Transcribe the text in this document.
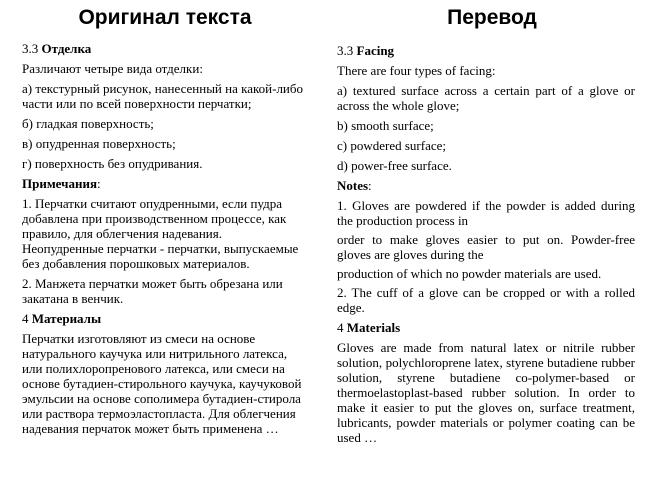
Оригинал текста	Перевод

3.3 Отделка

Различают четыре вида отделки:

а) текстурный рисунок, нанесенный на какой-либо части или по всей поверхности перчатки;

б) гладкая поверхность;

в) опудренная поверхность;

г) поверхность без опудривания.

Примечания:

1. Перчатки считают опудренными, если пудра добавлена при производственном процессе, как правило, для облегчения надевания. Неопудренные перчатки - перчатки, выпускаемые без добавления порошковых материалов.

2. Манжета перчатки может быть обрезана или закатана в венчик.

4 Материалы

Перчатки изготовляют из смеси на основе натурального каучука или нитрильного латекса, или полихлоропренового латекса, или смеси на основе бутадиен-стирольного каучука, каучуковой эмульсии на основе сополимера бутадиен-стирола или раствора термоэластопласта. Для облегчения надевания перчаток может быть применена …

3.3 Facing

There are four types of facing:

a) textured surface across a certain part of a glove or across the whole glove;

b) smooth surface;

c) powdered surface;

d) power-free surface.

Notes:

1. Gloves are powdered if the powder is added during the production process in

order to make gloves easier to put on. Powder-free gloves are gloves during the

production of which no powder materials are used.

2. The cuff of a glove can be cropped or with a rolled edge.

4 Materials

Gloves are made from natural latex or nitrile rubber solution, polychloroprene latex, styrene butadiene rubber solution, styrene butadiene co-polymer-based or thermoelastoplast-based rubber solution. In order to make it easier to put the gloves on, surface treatment, lubricants, powder materials or polymer coating can be used …
